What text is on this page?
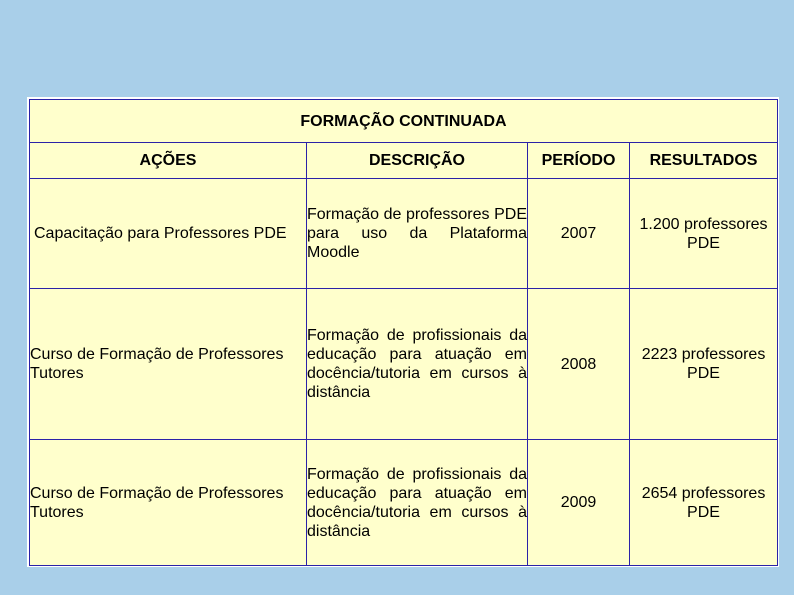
FORMAÇÃO CONTINUADA			
AÇÕES	DESCRIÇÃO	PERÍODO	RESULTADOS
Capacitação para Professores PDE	Formação de professores PDE para uso da Plataforma Moodle	2007	1.200 professores PDE
Curso de Formação de Professores Tutores	Formação de profissionais da educação para atuação em docência/tutoria em cursos à distância	2008	2223 professores PDE
Curso de Formação de Professores Tutores	Formação de profissionais da educação para atuação em docência/tutoria em cursos à distância	2009	2654 professores PDE
